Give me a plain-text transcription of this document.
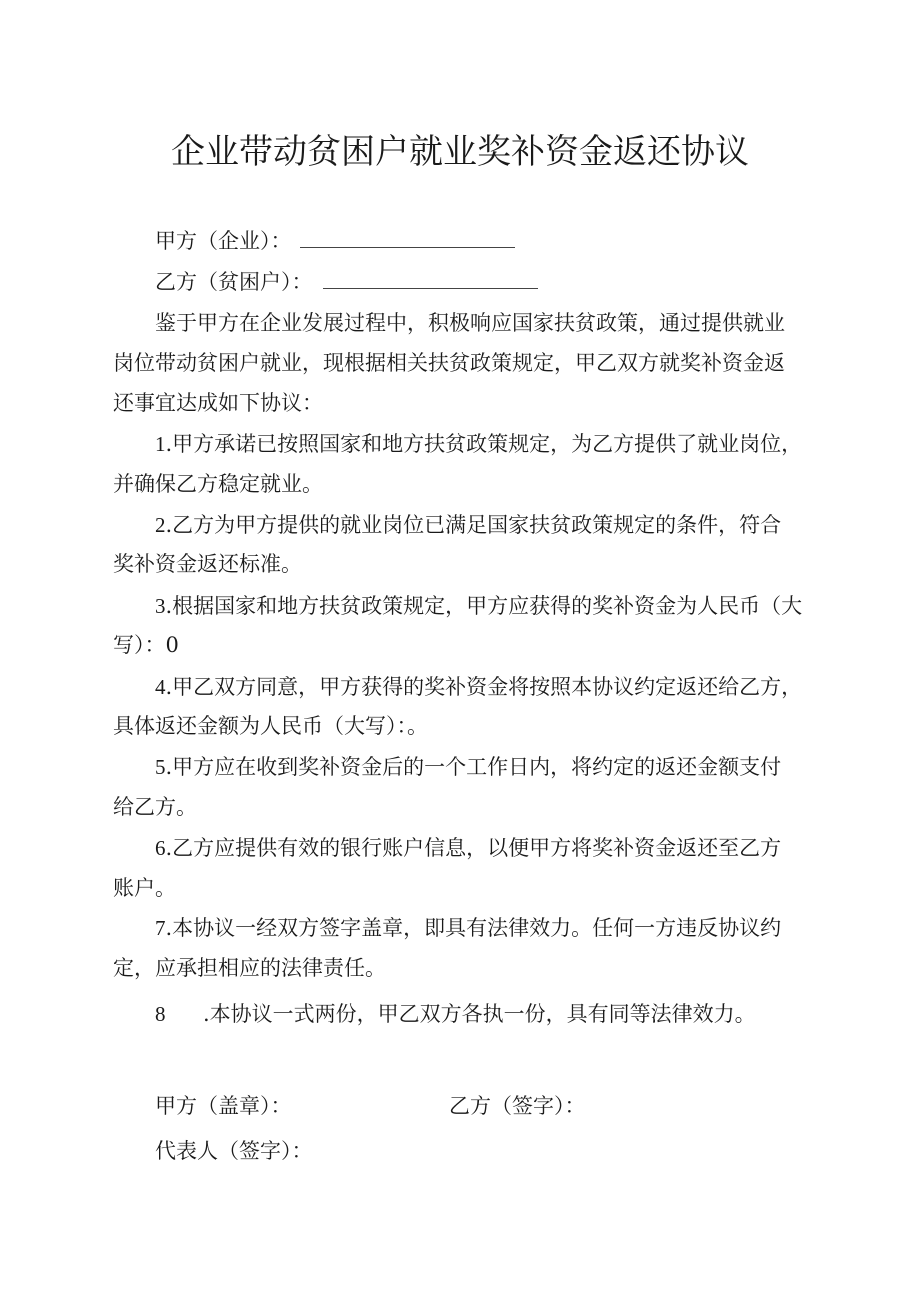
企业带动贫困户就业奖补资金返还协议
甲方（企业）：
乙方（贫困户）：
鉴于甲方在企业发展过程中，积极响应国家扶贫政策，通过提供就业
岗位带动贫困户就业，现根据相关扶贫政策规定，甲乙双方就奖补资金返
还事宜达成如下协议：
1.甲方承诺已按照国家和地方扶贫政策规定，为乙方提供了就业岗位，
并确保乙方稳定就业。
2.乙方为甲方提供的就业岗位已满足国家扶贫政策规定的条件，符合
奖补资金返还标准。
3.根据国家和地方扶贫政策规定，甲方应获得的奖补资金为人民币（大
写）：0
4.甲乙双方同意，甲方获得的奖补资金将按照本协议约定返还给乙方，
具体返还金额为人民币（大写）：。
5.甲方应在收到奖补资金后的一个工作日内，将约定的返还金额支付
给乙方。
6.乙方应提供有效的银行账户信息，以便甲方将奖补资金返还至乙方
账户。
7.本协议一经双方签字盖章，即具有法律效力。任何一方违反协议约
定，应承担相应的法律责任。
8 .本协议一式两份，甲乙双方各执一份，具有同等法律效力。
甲方（盖章）：	乙方（签字）：
代表人（签字）：
